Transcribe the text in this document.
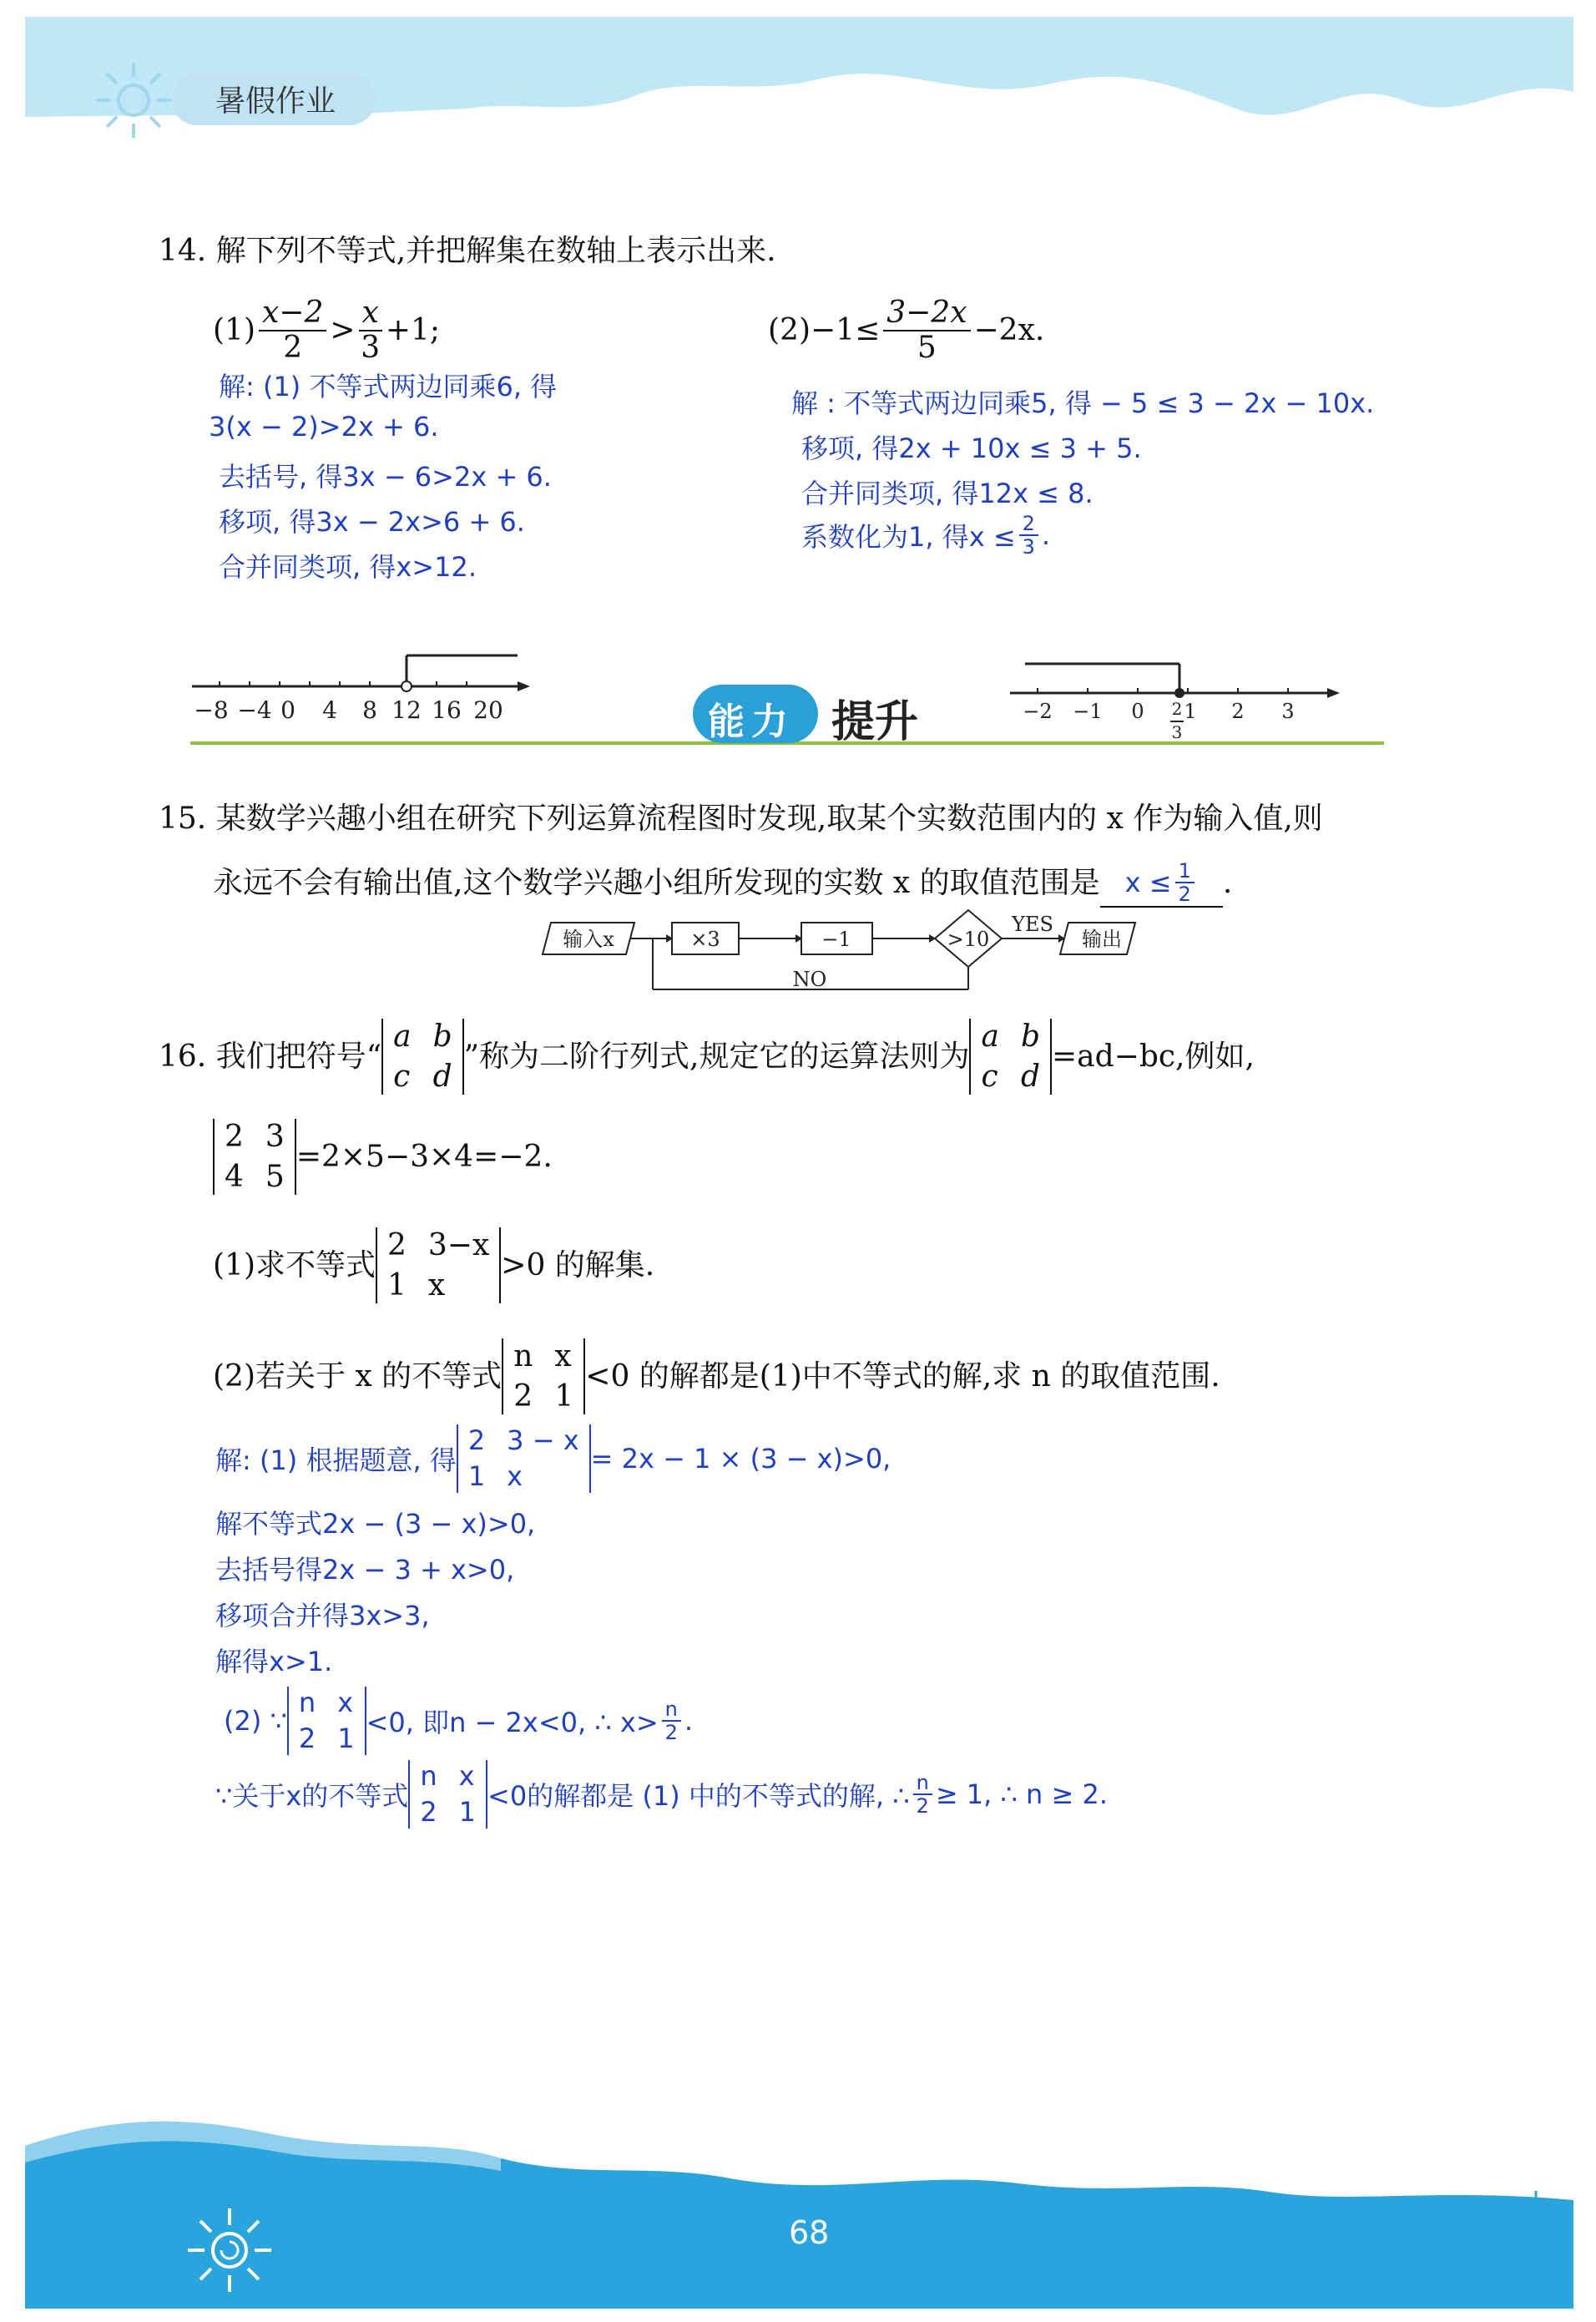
暑假作业
14. 解下列不等式,并把解集在数轴上表示出来.
$(1) \frac{x-2}{2} > \frac{x}{3} +1$;	$(2)-1\le \frac{3-2x}{5} -2x$.
解: (1) 不等式两边同乘6, 得
3(x − 2)>2x + 6.
去括号, 得3x − 6>2x + 6.
移项, 得3x − 2x>6 + 6.
合并同类项, 得x>12.
解 : 不等式两边同乘5, 得 − 5 ≤ 3 − 2x − 10x.
移项, 得2x + 10x ≤ 3 + 5.
合并同类项, 得12x ≤ 8.
系数化为1, 得$x \le \frac{2}{3}$ .
−8 −4 0 4 8 12 16 20	能力 提升	−2 −1 0 1 2 3
2
3
15. 某数学兴趣小组在研究下列运算流程图时发现,取某个实数范围内的 x 作为输入值,则
永远不会有输出值,这个数学兴趣小组所发现的实数 x 的取值范围是 $x \le \frac{1}{2}$ .
输入x	×3	−1	>10
YES
输出
NO
16. 我们把符号“
a b
c d
”称为二阶行列式,规定它的运算法则为
a b
c d
=ad−bc,例如,
2 3
4 5
=2×5−3×4=−2.
(1)求不等式
2 3−x
1 x
>0 的解集.
(2)若关于 x 的不等式
n x
2 1
<0 的解都是(1)中不等式的解,求 n 的取值范围.
解: (1) 根据题意, 得
2 3 − x
1 x
= 2x − 1 × (3 − x)>0,
解不等式2x − (3 − x)>0,
去括号得2x − 3 + x>0,
移项合并得3x>3,
解得x>1.
(2) ∵
n x
2 1 <0, 即n − 2x<0, ∴ $x> \frac{n}{2}$ .
∵关于x的不等式
n x
2 1 <0的解都是 (1) 中的不等式的解, ∴ $\frac{n}{2} \ge 1$, ∴ n ≥ 2.
68
